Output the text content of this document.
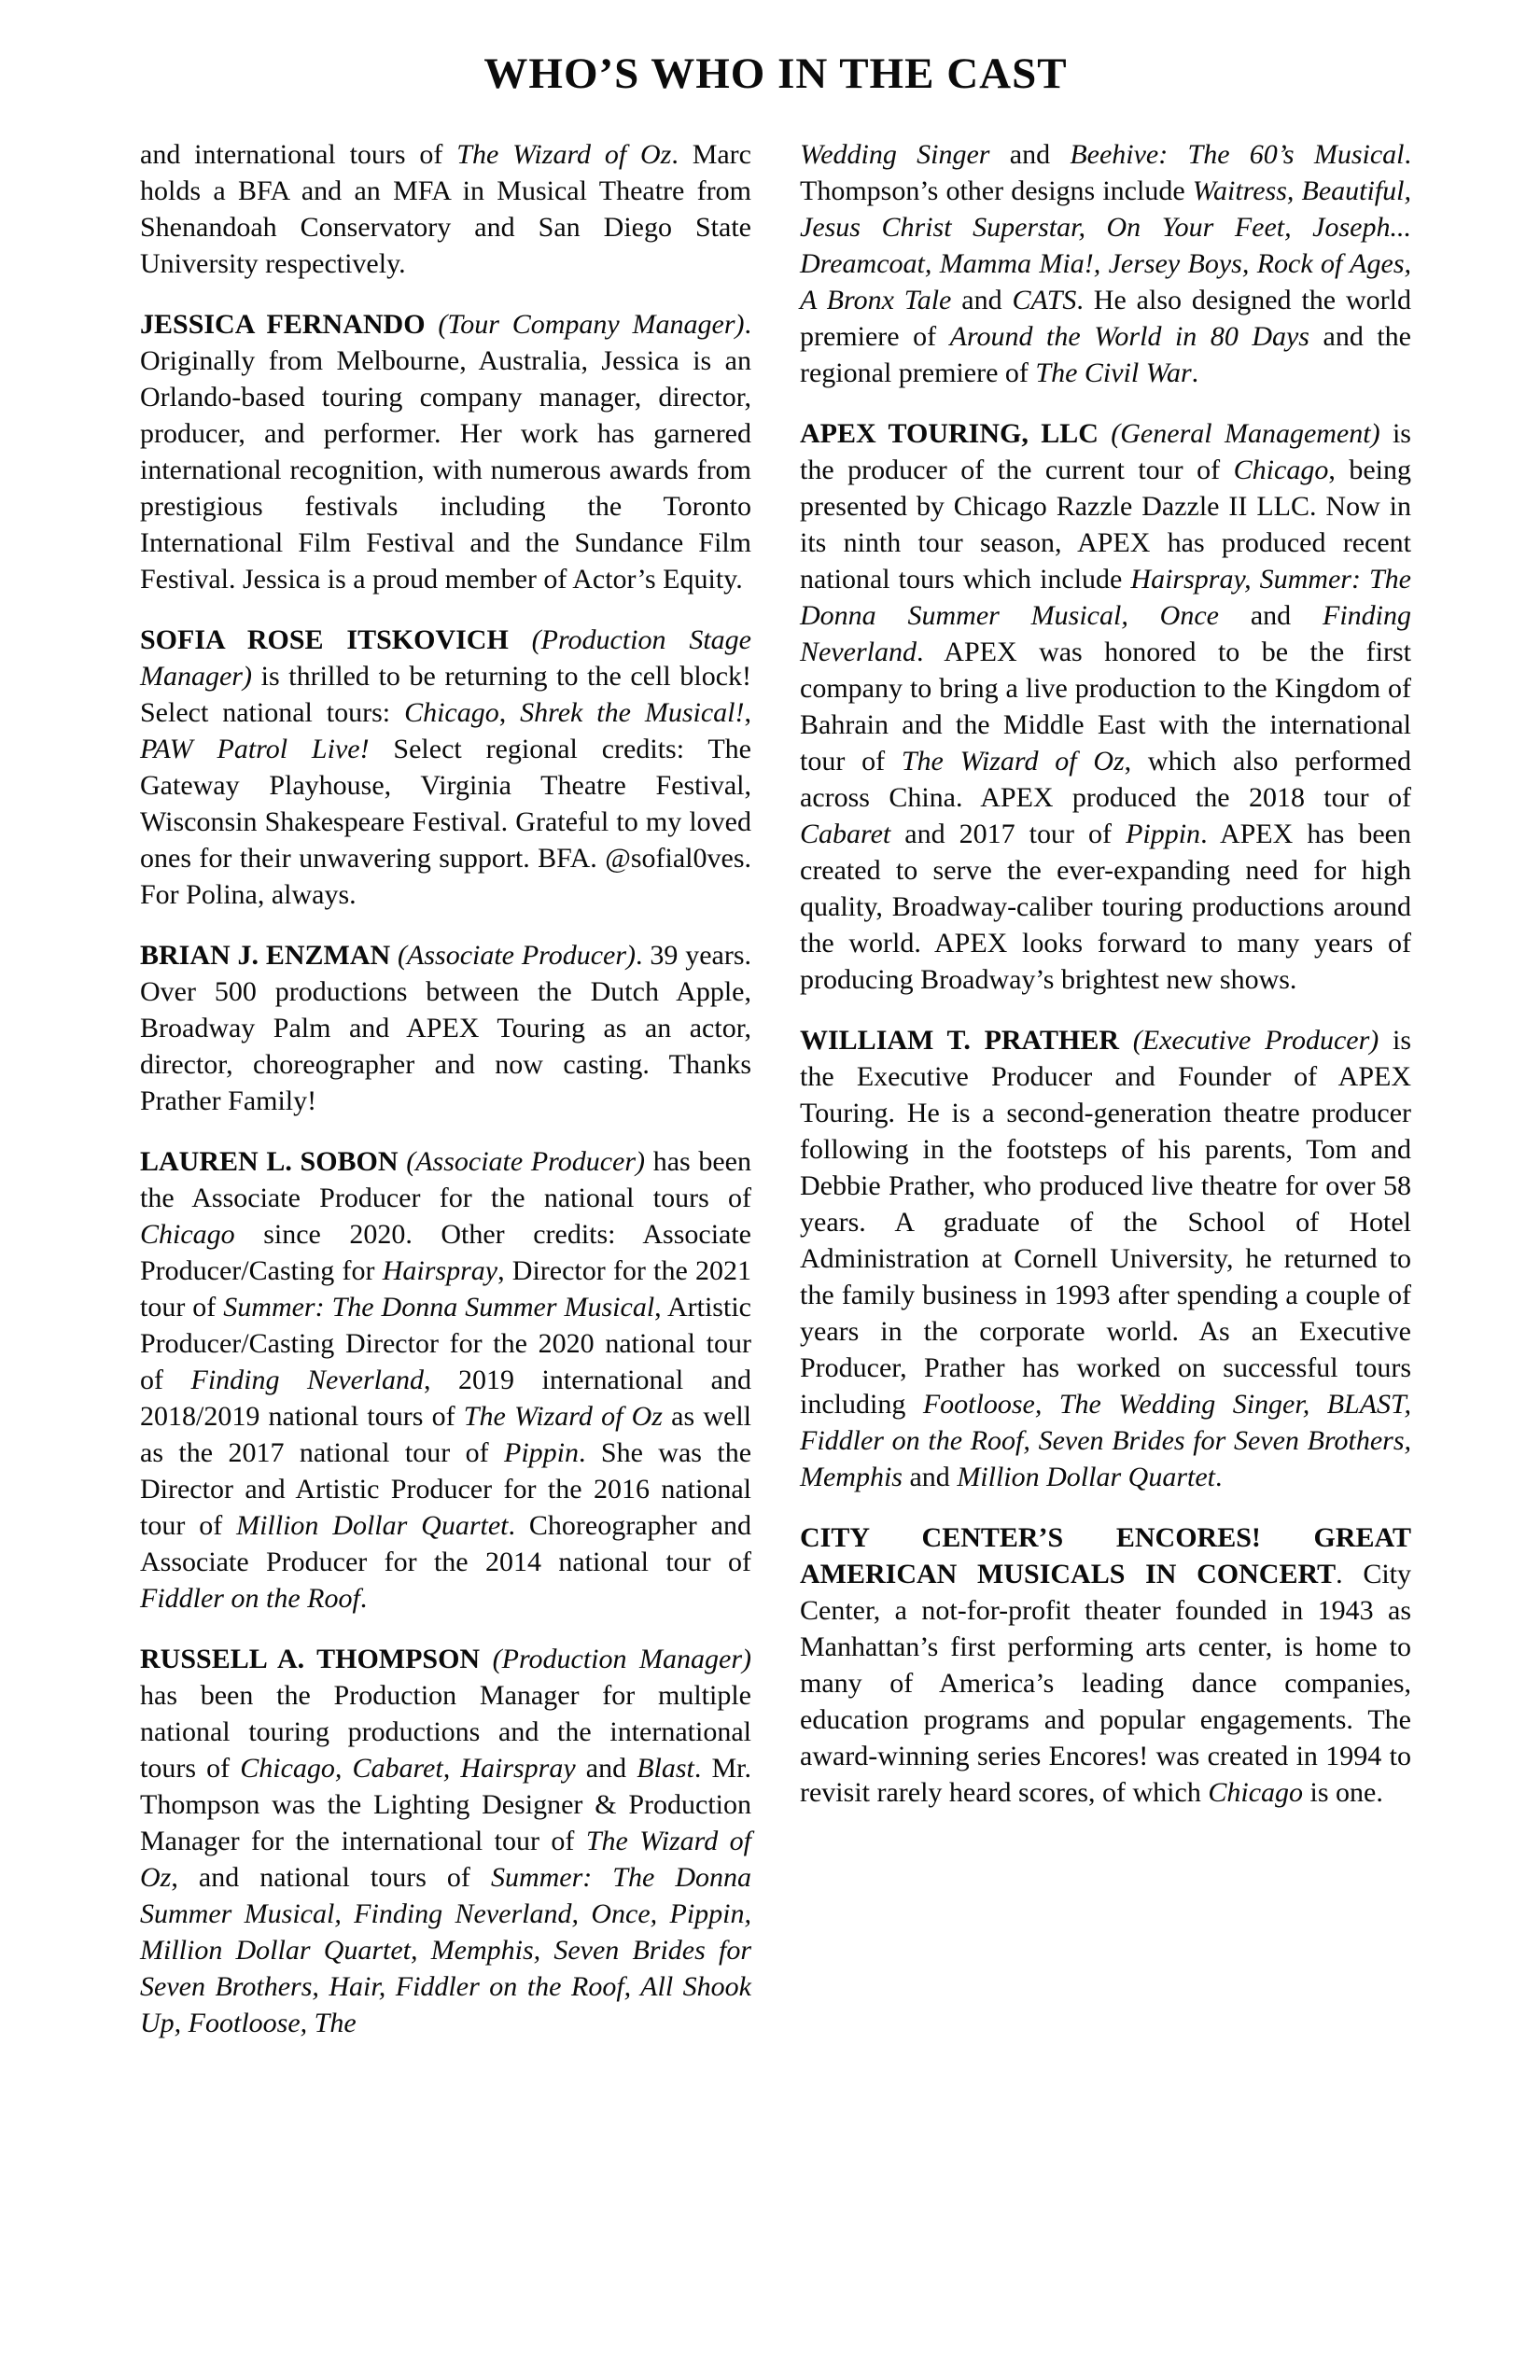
WHO’S WHO IN THE CAST

and international tours of The Wizard of Oz. Marc holds a BFA and an MFA in Musical Theatre from Shenandoah Conservatory and San Diego State University respectively.

JESSICA FERNANDO (Tour Company Manager). Originally from Melbourne, Australia, Jessica is an Orlando-based touring company manager, director, producer, and performer. Her work has garnered international recognition, with numerous awards from prestigious festivals including the Toronto International Film Festival and the Sundance Film Festival. Jessica is a proud member of Actor’s Equity.

SOFIA ROSE ITSKOVICH (Production Stage Manager) is thrilled to be returning to the cell block! Select national tours: Chicago, Shrek the Musical!, PAW Patrol Live! Select regional credits: The Gateway Playhouse, Virginia Theatre Festival, Wisconsin Shakespeare Festival. Grateful to my loved ones for their unwavering support. BFA. @sofial0ves. For Polina, always.

BRIAN J. ENZMAN (Associate Producer). 39 years. Over 500 productions between the Dutch Apple, Broadway Palm and APEX Touring as an actor, director, choreographer and now casting. Thanks Prather Family!

LAUREN L. SOBON (Associate Producer) has been the Associate Producer for the national tours of Chicago since 2020. Other credits: Associate Producer/Casting for Hairspray, Director for the 2021 tour of Summer: The Donna Summer Musical, Artistic Producer/Casting Director for the 2020 national tour of Finding Neverland, 2019 international and 2018/2019 national tours of The Wizard of Oz as well as the 2017 national tour of Pippin. She was the Director and Artistic Producer for the 2016 national tour of Million Dollar Quartet. Choreographer and Associate Producer for the 2014 national tour of Fiddler on the Roof.

RUSSELL A. THOMPSON (Production Manager) has been the Production Manager for multiple national touring productions and the international tours of Chicago, Cabaret, Hairspray and Blast. Mr. Thompson was the Lighting Designer & Production Manager for the international tour of The Wizard of Oz, and national tours of Summer: The Donna Summer Musical, Finding Neverland, Once, Pippin, Million Dollar Quartet, Memphis, Seven Brides for Seven Brothers, Hair, Fiddler on the Roof, All Shook Up, Footloose, The

Wedding Singer and Beehive: The 60’s Musical. Thompson’s other designs include Waitress, Beautiful, Jesus Christ Superstar, On Your Feet, Joseph... Dreamcoat, Mamma Mia!, Jersey Boys, Rock of Ages, A Bronx Tale and CATS. He also designed the world premiere of Around the World in 80 Days and the regional premiere of The Civil War.

APEX TOURING, LLC (General Management) is the producer of the current tour of Chicago, being presented by Chicago Razzle Dazzle II LLC. Now in its ninth tour season, APEX has produced recent national tours which include Hairspray, Summer: The Donna Summer Musical, Once and Finding Neverland. APEX was honored to be the first company to bring a live production to the Kingdom of Bahrain and the Middle East with the international tour of The Wizard of Oz, which also performed across China. APEX produced the 2018 tour of Cabaret and 2017 tour of Pippin. APEX has been created to serve the ever-expanding need for high quality, Broadway-caliber touring productions around the world. APEX looks forward to many years of producing Broadway’s brightest new shows.

WILLIAM T. PRATHER (Executive Producer) is the Executive Producer and Founder of APEX Touring. He is a second-generation theatre producer following in the footsteps of his parents, Tom and Debbie Prather, who produced live theatre for over 58 years. A graduate of the School of Hotel Administration at Cornell University, he returned to the family business in 1993 after spending a couple of years in the corporate world. As an Executive Producer, Prather has worked on successful tours including Footloose, The Wedding Singer, BLAST, Fiddler on the Roof, Seven Brides for Seven Brothers, Memphis and Million Dollar Quartet.

CITY CENTER’S ENCORES! GREAT AMERICAN MUSICALS IN CONCERT. City Center, a not-for-profit theater founded in 1943 as Manhattan’s first performing arts center, is home to many of America’s leading dance companies, education programs and popular engagements. The award-winning series Encores! was created in 1994 to revisit rarely heard scores, of which Chicago is one.
